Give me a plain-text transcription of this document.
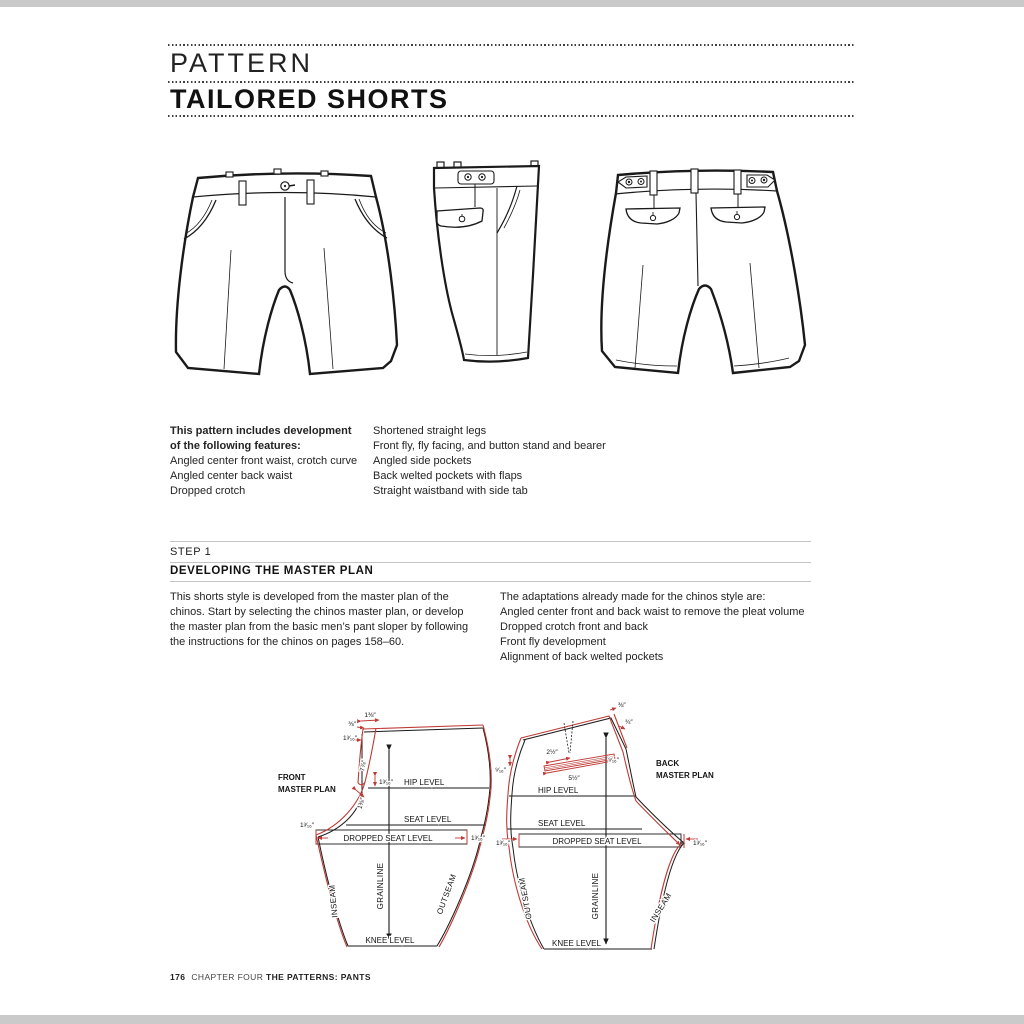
PATTERN
TAILORED SHORTS
This pattern includes development
of the following features:
Angled center front waist, crotch curve
Angled center back waist
Dropped crotch
Shortened straight legs
Front fly, fly facing, and button stand and bearer
Angled side pockets
Back welted pockets with flaps
Straight waistband with side tab
STEP 1
DEVELOPING THE MASTER PLAN
This shorts style is developed from the master plan of the
chinos. Start by selecting the chinos master plan, or develop
the master plan from the basic men’s pant sloper by following
the instructions for the chinos on pages 158–60.
The adaptations already made for the chinos style are:
Angled center front and back waist to remove the pleat volume
Dropped crotch front and back
Front fly development
Alignment of back welted pockets
1⅜″
⅜″
1³⁄₁₆″
7⅞″
1³⁄₁₆″
1⅜″
1³⁄₁₆″
1³⁄₁₆″
FRONT
MASTER PLAN
HIP LEVEL
SEAT LEVEL
DROPPED SEAT LEVEL
KNEE LEVEL
GRAINLINE
INSEAM	OUTSEAM
⅜″
¾″
2½″
5½″
⁹⁄₁₆″
⁹⁄₁₆″
1³⁄₁₆″	1³⁄₁₆″
BACK
MASTER PLAN
HIP LEVEL
SEAT LEVEL
DROPPED SEAT LEVEL
KNEE LEVEL
GRAINLINE
OUTSEAM	INSEAM
176 CHAPTER FOUR THE PATTERNS: PANTS
